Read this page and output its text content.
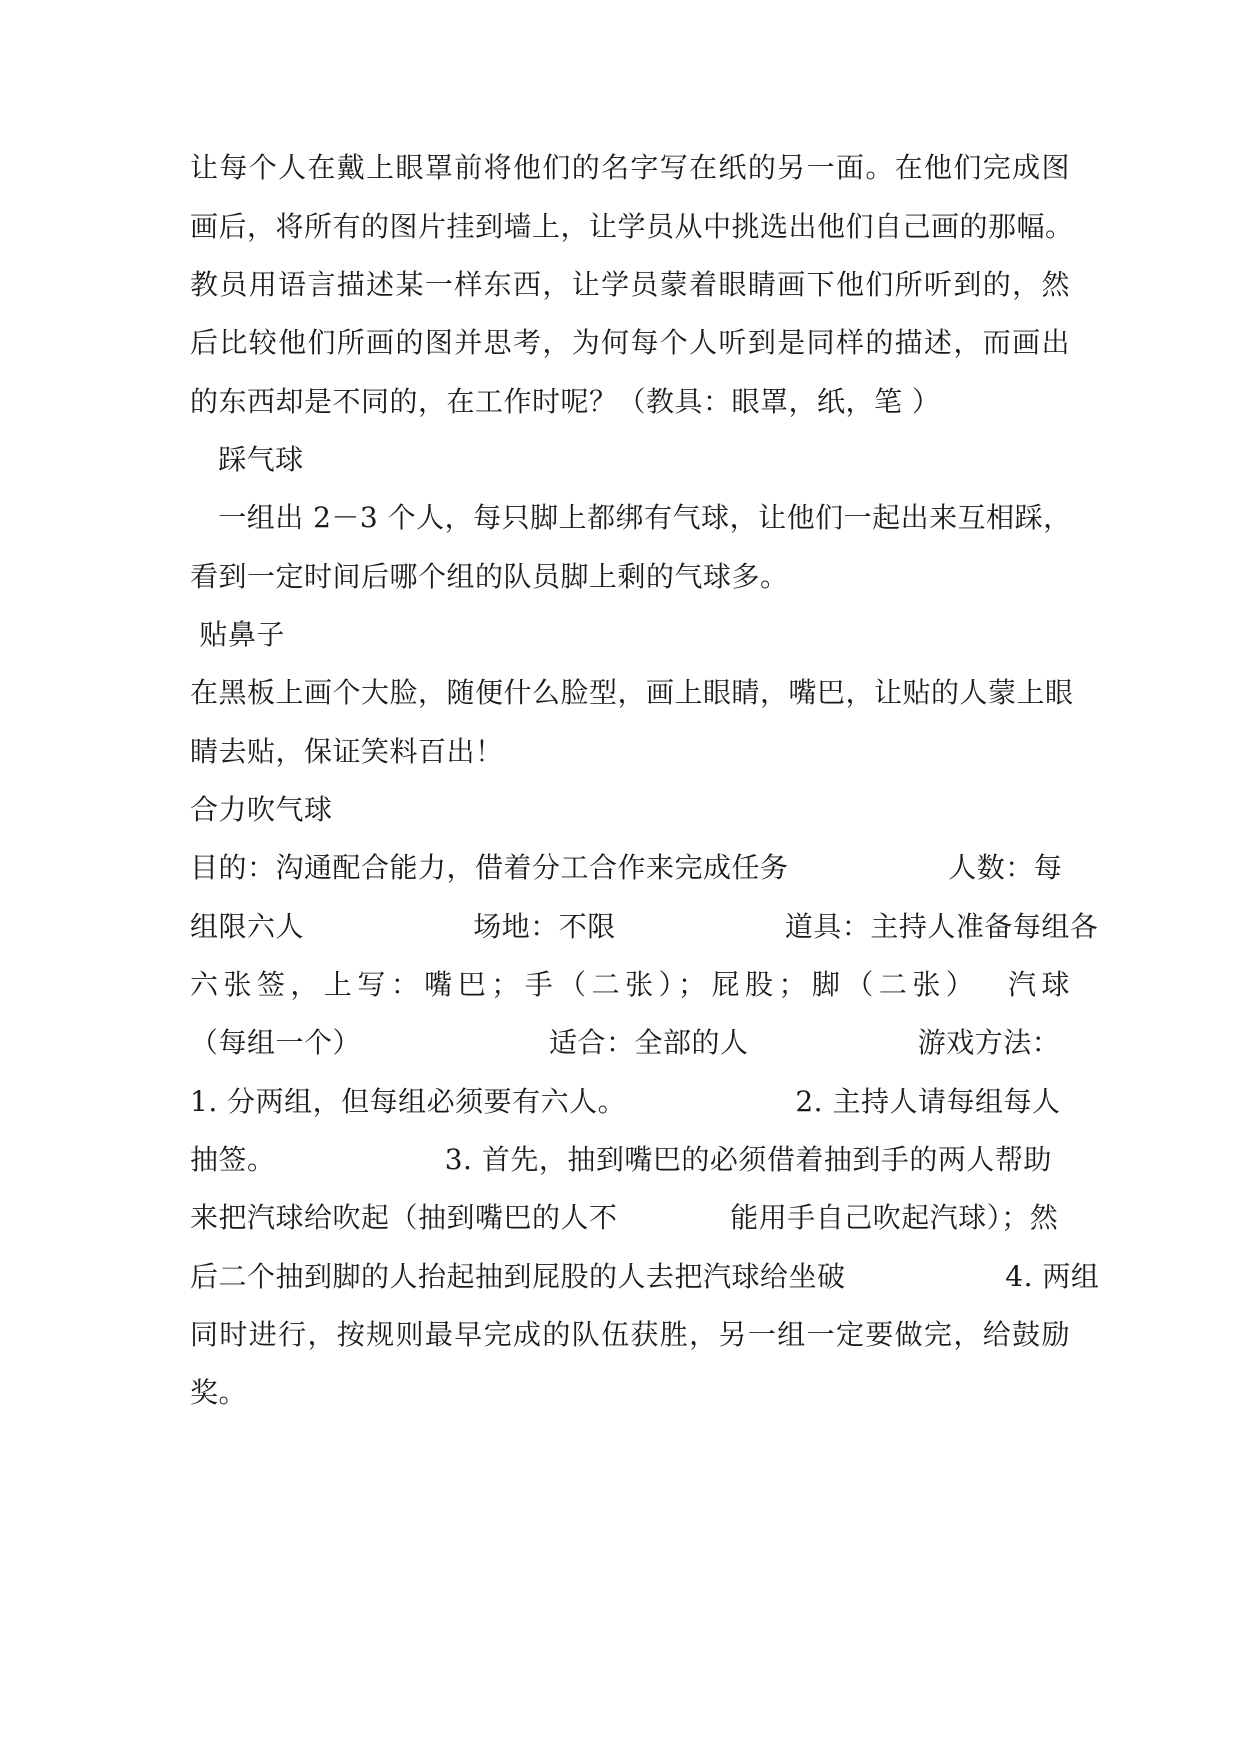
让每个人在戴上眼罩前将他们的名字写在纸的另一面。在他们完成图
画后，将所有的图片挂到墙上，让学员从中挑选出他们自己画的那幅。
教员用语言描述某一样东西，让学员蒙着眼睛画下他们所听到的，然
后比较他们所画的图并思考，为何每个人听到是同样的描述，而画出
的东西却是不同的，在工作时呢？（教具：眼罩，纸，笔 ）
踩气球
一组出 2－3 个人，每只脚上都绑有气球，让他们一起出来互相踩，
看到一定时间后哪个组的队员脚上剩的气球多。
贴鼻子
在黑板上画个大脸，随便什么脸型，画上眼睛，嘴巴，让贴的人蒙上眼
睛去贴，保证笑料百出！
合力吹气球
目的：沟通配合能力，借着分工合作来完成任务                 人数：每
组限六人                  场地：不限                  道具：主持人准备每组各
六张签，上写：嘴巴；手（二张）；屁股；脚（二张）  汽球
（每组一个）                    适合：全部的人                  游戏方法：
1. 分两组，但每组必须要有六人。                  2. 主持人请每组每人
抽签。                  3. 首先，抽到嘴巴的必须借着抽到手的两人帮助
来把汽球给吹起（抽到嘴巴的人不            能用手自己吹起汽球）；然
后二个抽到脚的人抬起抽到屁股的人去把汽球给坐破                 4. 两组
同时进行，按规则最早完成的队伍获胜，另一组一定要做完，给鼓励
奖。
